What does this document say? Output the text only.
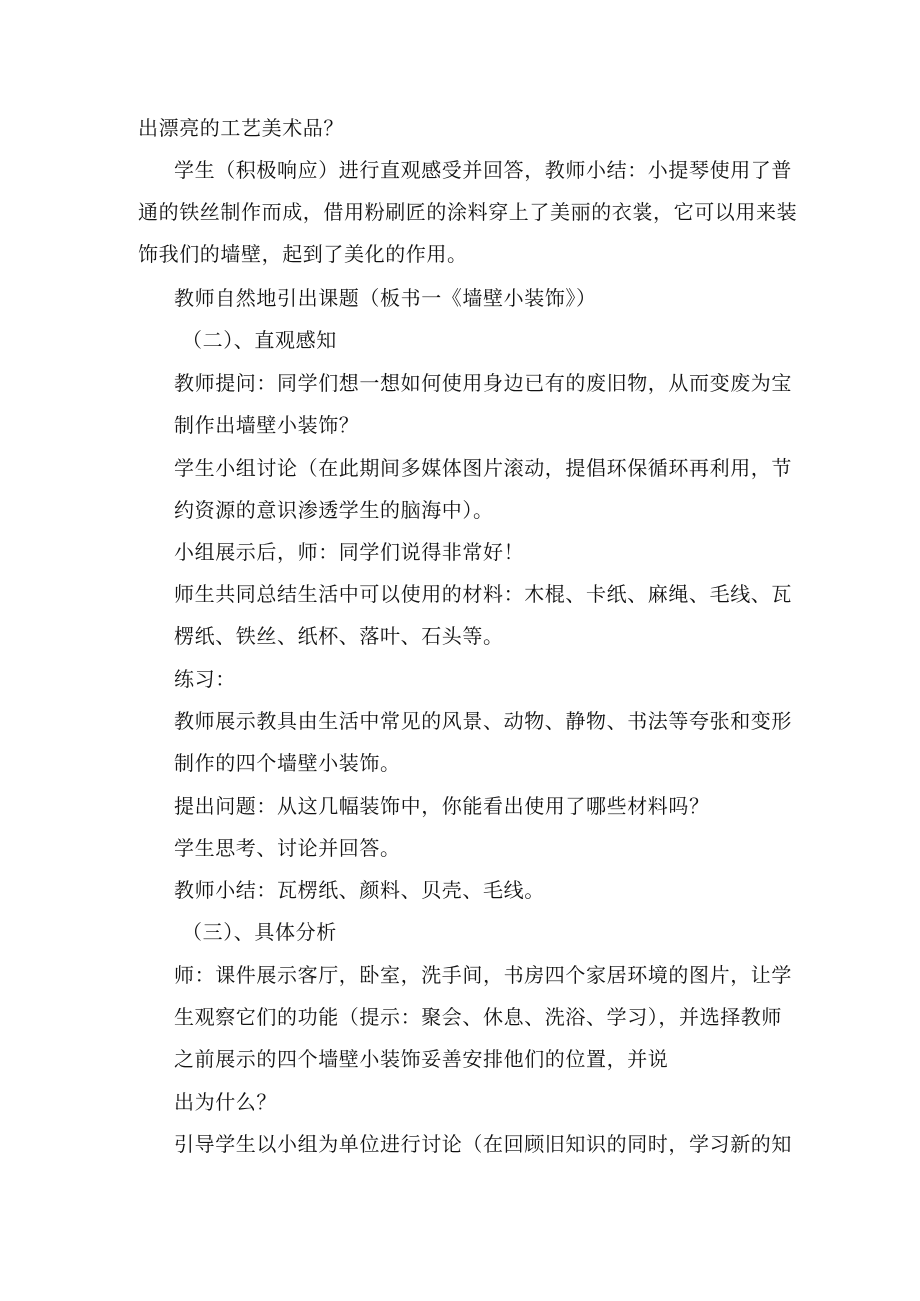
出漂亮的工艺美术品？
学生（积极响应）进行直观感受并回答，教师小结：小提琴使用了普
通的铁丝制作而成，借用粉刷匠的涂料穿上了美丽的衣裳，它可以用来装
饰我们的墙壁，起到了美化的作用。
教师自然地引出课题（板书一《墙壁小装饰》）
（二）、直观感知
教师提问：同学们想一想如何使用身边已有的废旧物，从而变废为宝
制作出墙壁小装饰？
学生小组讨论（在此期间多媒体图片滚动，提倡环保循环再利用，节
约资源的意识渗透学生的脑海中）。
小组展示后，师：同学们说得非常好！
师生共同总结生活中可以使用的材料：木棍、卡纸、麻绳、毛线、瓦
楞纸、铁丝、纸杯、落叶、石头等。
练习：
教师展示教具由生活中常见的风景、动物、静物、书法等夸张和变形
制作的四个墙壁小装饰。
提出问题：从这几幅装饰中，你能看出使用了哪些材料吗？
学生思考、讨论并回答。
教师小结：瓦楞纸、颜料、贝壳、毛线。
（三）、具体分析
师：课件展示客厅，卧室，洗手间，书房四个家居环境的图片，让学
生观察它们的功能（提示：聚会、休息、洗浴、学习），并选择教师
之前展示的四个墙壁小装饰妥善安排他们的位置，并说
出为什么？
引导学生以小组为单位进行讨论（在回顾旧知识的同时，学习新的知
